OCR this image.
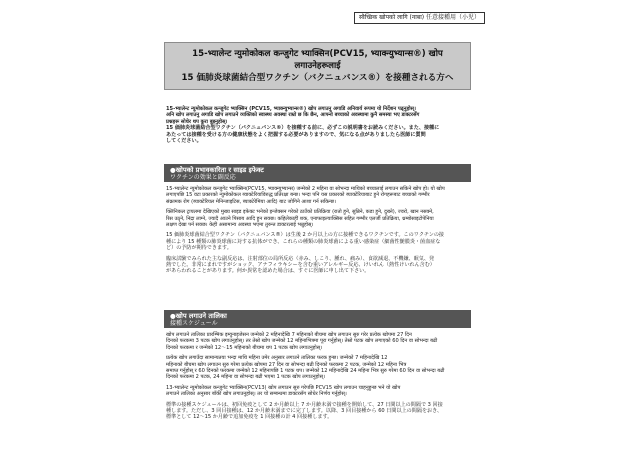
स्वैच्छिक खोपको लागि (नाबा) 任意接種用（小児）
15-भ्यालेन्ट न्युमोकोकल कन्जुगेट भ्याक्सिन(PCV15, भ्याक्न्युभ्यान्स®) खोप
लगाउनेहरूलाई
15 価肺炎球菌結合型ワクチン（バクニュバンス®）を接種される方へ

15-भ्यालेन्ट न्युमोकोकल कन्जुगेट भ्याक्सिन (PCV15, भ्याक्न्युभ्यान्स®) खोप लगाउनु अगाडि अनिवार्य रूपमा यो निर्देशन पढ्नुहोस्।

अनि खोप लगाउनु अगाडि खोप लगाउने व्यक्तिको स्वास्थ्य अवस्था राम्रो छ कि छैन, आफ्नो बच्चाको अवस्थामा कुनै समस्या भए डाक्टरसँग

प्रश्नहरू सोधेर थप कुरा बुझ्नुहोस्।

15 価肺炎球菌結合型ワクチン（バクニュバンス®）を接種する前に、必ずこの説明書をお読みください。また、接種に

あたっては接種を受ける方の健康状態をよく把握する必要がありますので、気になる点がありましたら医師に質問

してください。

●खोपको प्रभावकारिता र साइड इफेक्ट
ワクチンの効果と副反応

15-भ्यालेन्ट न्युमोकोकल कन्जुगेट भ्याक्सिन(PCV15, भ्याक्न्युभ्यान्स) जन्मेको 2 महिना वा सोभन्दा माथिको बच्चालाई लगाउन सकिने खोप हो। यो खोप

लगाएपछि 15 वटा प्रकारको न्युमोकोकल ब्याक्टेरियाविरुद्ध प्रतिरक्षा बन्छ। भन्दा पनि यस प्रकारको ब्याक्टेरियाबाट हुने रोगहरूबाट बच्चाको गम्भीर

संक्रामक रोग (ब्याक्टेरियल मेनिन्जाइटिस, ब्याक्टेरेमिया आदि) बाट जोगिने आशा गर्न सकिन्छ।

क्लिनिकल ट्रायलमा देखिएको मुख्य साइड इफेक्ट भनेको इन्जेक्सन गरेको ठाउँको प्रतिक्रिया (रातो हुने, सुन्निने, कडा हुने, दुख्ने), ज्वरो, खान नसक्ने,

रिस उठ्ने, निद्रा लाग्ने, ज्यादै आउने पिसाब आदि हुन सक्छ। कहिलेकाहीं शक, एनाफाइल्याक्सिस सहित गम्भीर एलर्जी प्रतिक्रिया, थ्रम्बोसाइटोपेनिया

लक्षण देखा पर्न सक्छ। केही असामान्य अवस्था भएमा तुरुन्त डाक्टरलाई भन्नुहोस्।

15 価肺炎球菌結合型ワクチン（バクニュバンス®）は生後 2 か月以上の方に接種できるワクチンです。このワクチンの接

種により 15 種類の肺炎球菌に対する抗体ができ、これらの種類の肺炎球菌による重い感染症（細菌性髄膜炎・菌血症な

ど）の予防が期待できます。

臨床試験でみられた主な副反応は、注射部位の局所反応（赤み、しこり、腫れ、痛み）、食欲減退、不機嫌、眠気、発

熱でした。非常にまれですがショック、アナフィラキシーを含む重いアレルギー反応、けいれん（熱性けいれん含む）

があらわれることがあります。何か異常を認めた場合は、すぐに医師に申し出て下さい。

●खोप लगाउने तालिका
接種スケジュール

खोप लगाउने तालिका प्रारम्भिक इम्युनाइजेसन जन्मेको 2 महिनादेखि 7 महिनाको बीचमा खोप लगाउन सुरु गरेर प्रत्येक खोपमा 27 दिन

दिनको फरकमा 3 पटक खोप लगाउनुहोस्। तर तेस्रो खोप जन्मेको 12 महिनाभित्रमा पूरा गर्नुहोस्। तेस्रो पटक खोप लगाएको 60 दिन वा सोभन्दा बढी

दिनको फरकमा र जन्मेको 12〜15 महिनाको बीचमा थप 1 पटक खोप लगाउनुहोस्।

प्रत्येक खोप लगाउँदा सामान्यतया भन्दा माथि महिना उमेर अनुसार लगाउने तालिका फरक हुन्छ। जन्मेको 7 महिनादेखि 12

महिनाको बीचमा खोप लगाउन सुरु गरेमा प्रत्येक खोपमा 27 दिन वा सोभन्दा बढी दिनको फरकमा 2 पटक, जन्मेको 12 महिना भित्र

समाप्त गर्नुहोस् र 60 दिनको फरकमा जन्मेको 12 महिनापछि 1 पटक थप। जन्मेको 12 महिनादेखि 24 महिना भित्र सुरु गरेमा 60 दिन वा सोभन्दा बढी

दिनको फरकमा 2 पटक, 24 महिना वा सोभन्दा बढी भएमा 1 पटक खोप लगाउनुहोस्।

13-भ्यालेन्ट न्युमोकोकल कन्जुगेट भ्याक्सिन(PCV13) खोप लगाउन सुरु गरेपछि PCV15 खोप लगाउन चाहनुहुन्छ भने यो खोप

लगाउने तालिका अनुसार बाँकी खोप लगाउनुहोस्। तर यो सम्बन्धमा डाक्टरसँग सोधेर निर्णय गर्नुहोस्।

標準の接種スケジュールは、初回免疫として 2 か月齢以上 7 か月齢未満で接種を開始して、27 日間以上の間隔で 3 回接

種します。ただし、3 回目接種は、12 か月齢未満までに完了します。以降、3 回目接種から 60 日間以上の間隔をおき、

標準として 12〜15 か月齢で追加免疫を 1 回接種の計 4 回接種します。
